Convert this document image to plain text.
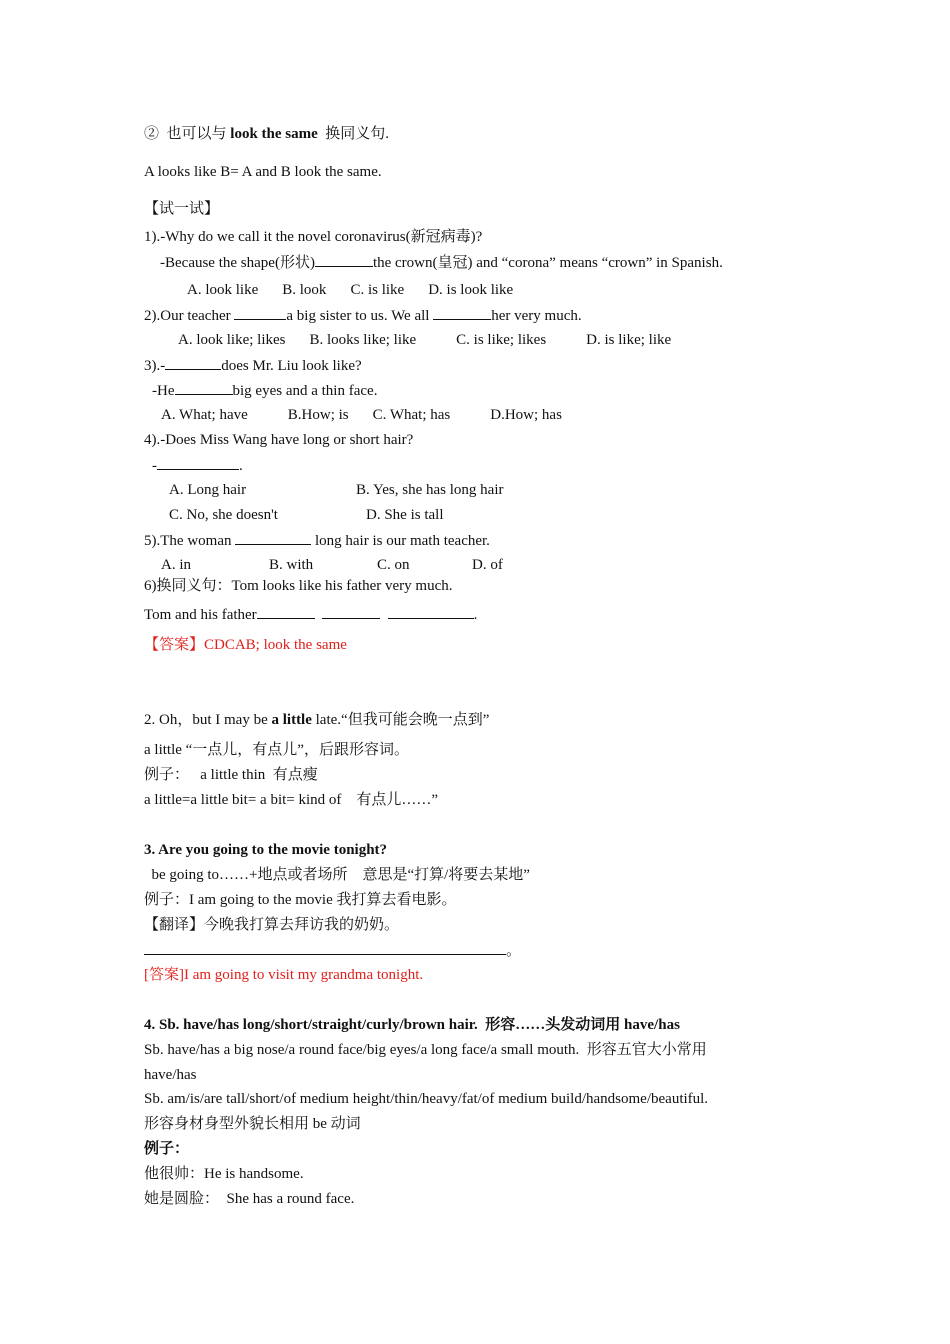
② 也可以与 look the same 换同义句.
A looks like B= A and B look the same.
【试一试】
1).-Why do we call it the novel coronavirus(新冠病毒)?
-Because the shape(形状)	the crown(皇冠) and “corona” means “crown” in Spanish.
A. look like B. look C. is like D. is look like
2).Our teacher	a big sister to us. We all	her very much.
A. look like; likes B. looks like; like	C. is like; likes	D. is like; like
3).-	does Mr. Liu look like?
-He	big eyes and a thin face.
A. What; have	B.How; is C. What; has	D.How; has
4).-Does Miss Wang have long or short hair?
-	.
A. Long hair	B. Yes, she has long hair
C. No, she doesn't	D. She is tall
5).The woman	long hair is our math teacher.
A. in	B. with	C. on	D. of
6)换同义句：Tom looks like his father very much.
Tom and his father	.
【答案】CDCAB; look the same
2. Oh，but I may be a little late.“但我可能会晚一点到”
a little “一点儿，有点儿”，后跟形容词。
例子：   a little thin  有点瘦
a little=a little bit= a bit= kind of    有点儿……”
3. Are you going to the movie tonight?
be going to……+地点或者场所    意思是“打算/将要去某地”
例子：I am going to the movie 我打算去看电影。
【翻译】今晚我打算去拜访我的奶奶。
。
[答案]I am going to visit my grandma tonight.
4. Sb. have/has long/short/straight/curly/brown hair.  形容……头发动词用 have/has
Sb. have/has a big nose/a round face/big eyes/a long face/a small mouth.  形容五官大小常用
have/has
Sb. am/is/are tall/short/of medium height/thin/heavy/fat/of medium build/handsome/beautiful.
形容身材身型外貌长相用 be 动词
例子：
他很帅：He is handsome.
她是圆脸：  She has a round face.
